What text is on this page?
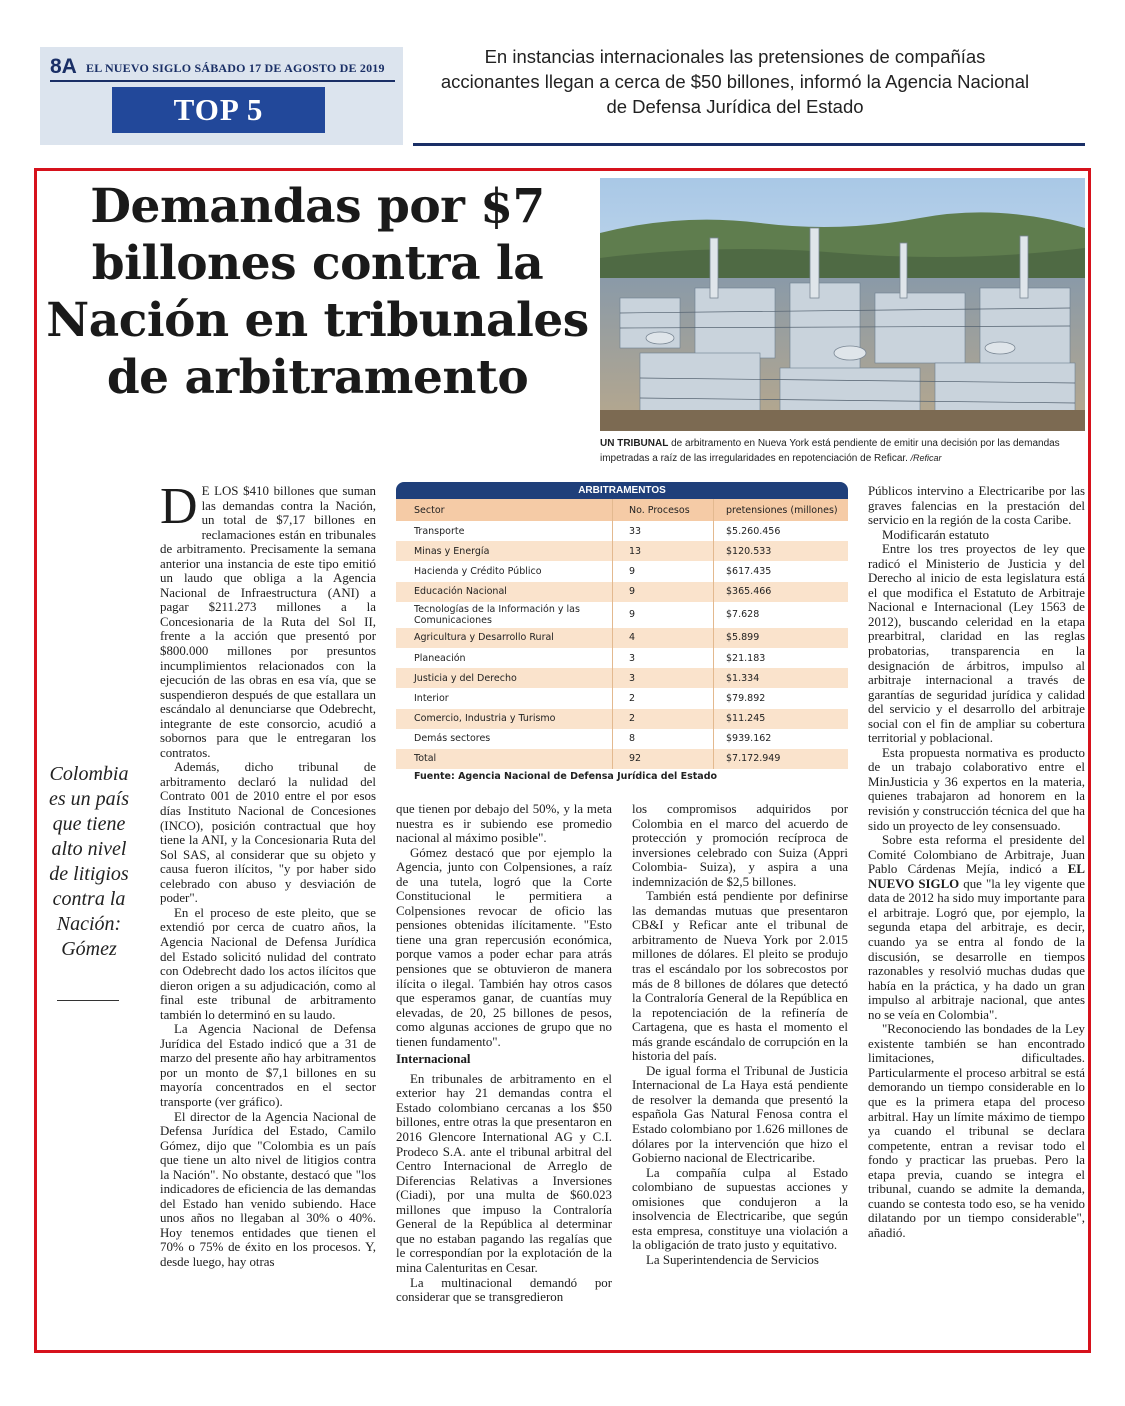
8A EL NUEVO SIGLO SÁBADO 17 DE AGOSTO DE 2019
TOP 5
En instancias internacionales las pretensiones de compañías accionantes llegan a cerca de $50 billones, informó la Agencia Nacional de Defensa Jurídica del Estado
Demandas por $7 billones contra la Nación en tribunales de arbitramento
UN TRIBUNAL de arbitramento en Nueva York está pendiente de emitir una decisión por las demandas impetradas a raíz de las irregularidades en repotenciación de Reficar. /Reficar
Colombia es un país que tiene alto nivel de litigios contra la Nación: Gómez

D E LOS $410 billones que suman las demandas contra la Nación, un total de $7,17 billones en reclamaciones están en tribunales de arbitramento. Precisamente la semana anterior una instancia de este tipo emitió un laudo que obliga a la Agencia Nacional de Infraestructura (ANI) a pagar $211.273 millones a la Concesionaria de la Ruta del Sol II, frente a la acción que presentó por $800.000 millones por presuntos incumplimientos relacionados con la ejecución de las obras en esa vía, que se suspendieron después de que estallara un escándalo al denunciarse que Odebrecht, integrante de este consorcio, acudió a sobornos para que le entregaran los contratos.

Además, dicho tribunal de arbitramento declaró la nulidad del Contrato 001 de 2010 entre el por esos días Instituto Nacional de Concesiones (INCO), posición contractual que hoy tiene la ANI, y la Concesionaria Ruta del Sol SAS, al considerar que su objeto y causa fueron ilícitos, "y por haber sido celebrado con abuso y desviación de poder".

En el proceso de este pleito, que se extendió por cerca de cuatro años, la Agencia Nacional de Defensa Jurídica del Estado solicitó nulidad del contrato con Odebrecht dado los actos ilícitos que dieron origen a su adjudicación, como al final este tribunal de arbitramento también lo determinó en su laudo.

La Agencia Nacional de Defensa Jurídica del Estado indicó que a 31 de marzo del presente año hay arbitramentos por un monto de $7,1 billones en su mayoría concentrados en el sector transporte (ver gráfico).

El director de la Agencia Nacional de Defensa Jurídica del Estado, Camilo Gómez, dijo que "Colombia es un país que tiene un alto nivel de litigios contra la Nación". No obstante, destacó que "los indicadores de eficiencia de las demandas del Estado han venido subiendo. Hace unos años no llegaban al 30% o 40%. Hoy tenemos entidades que tienen el 70% o 75% de éxito en los procesos. Y, desde luego, hay otras

ARBITRAMENTOS
Sector	No. Procesos	pretensiones (millones)
Transporte	33	$5.260.456
Minas y Energía	13	$120.533
Hacienda y Crédito Público	9	$617.435
Educación Nacional	9	$365.466
Tecnologías de la Información y las Comunicaciones	9	$7.628
Agricultura y Desarrollo Rural	4	$5.899
Planeación	3	$21.183
Justicia y del Derecho	3	$1.334
Interior	2	$79.892
Comercio, Industria y Turismo	2	$11.245
Demás sectores	8	$939.162
Total	92	$7.172.949
Fuente: Agencia Nacional de Defensa Jurídica del Estado

que tienen por debajo del 50%, y la meta nuestra es ir subiendo ese promedio nacional al máximo posible".

Gómez destacó que por ejemplo la Agencia, junto con Colpensiones, a raíz de una tutela, logró que la Corte Constitucional le permitiera a Colpensiones revocar de oficio las pensiones obtenidas ilícitamente. "Esto tiene una gran repercusión económica, porque vamos a poder echar para atrás pensiones que se obtuvieron de manera ilícita o ilegal. También hay otros casos que esperamos ganar, de cuantías muy elevadas, de 20, 25 billones de pesos, como algunas acciones de grupo que no tienen fundamento".

Internacional

En tribunales de arbitramento en el exterior hay 21 demandas contra el Estado colombiano cercanas a los $50 billones, entre otras la que presentaron en 2016 Glencore International AG y C.I. Prodeco S.A. ante el tribunal arbitral del Centro Internacional de Arreglo de Diferencias Relativas a Inversiones (Ciadi), por una multa de $60.023 millones que impuso la Contraloría General de la República al determinar que no estaban pagando las regalías que le correspondían por la explotación de la mina Calenturitas en Cesar.

La multinacional demandó por considerar que se transgredieron

los compromisos adquiridos por Colombia en el marco del acuerdo de protección y promoción recíproca de inversiones celebrado con Suiza (Appri Colombia- Suiza), y aspira a una indemnización de $2,5 billones.

También está pendiente por definirse las demandas mutuas que presentaron CB&I y Reficar ante el tribunal de arbitramento de Nueva York por 2.015 millones de dólares. El pleito se produjo tras el escándalo por los sobrecostos por más de 8 billones de dólares que detectó la Contraloría General de la República en la repotenciación de la refinería de Cartagena, que es hasta el momento el más grande escándalo de corrupción en la historia del país.

De igual forma el Tribunal de Justicia Internacional de La Haya está pendiente de resolver la demanda que presentó la española Gas Natural Fenosa contra el Estado colombiano por 1.626 millones de dólares por la intervención que hizo el Gobierno nacional de Electricaribe.

La compañía culpa al Estado colombiano de supuestas acciones y omisiones que condujeron a la insolvencia de Electricaribe, que según esta empresa, constituye una violación a la obligación de trato justo y equitativo.

La Superintendencia de Servicios

Públicos intervino a Electricaribe por las graves falencias en la prestación del servicio en la región de la costa Caribe.

Modificarán estatuto

Entre los tres proyectos de ley que radicó el Ministerio de Justicia y del Derecho al inicio de esta legislatura está el que modifica el Estatuto de Arbitraje Nacional e Internacional (Ley 1563 de 2012), buscando celeridad en la etapa prearbitral, claridad en las reglas probatorias, transparencia en la designación de árbitros, impulso al arbitraje internacional a través de garantías de seguridad jurídica y calidad del servicio y el desarrollo del arbitraje social con el fin de ampliar su cobertura territorial y poblacional.

Esta propuesta normativa es producto de un trabajo colaborativo entre el MinJusticia y 36 expertos en la materia, quienes trabajaron ad honorem en la revisión y construcción técnica del que ha sido un proyecto de ley consensuado.

Sobre esta reforma el presidente del Comité Colombiano de Arbitraje, Juan Pablo Cárdenas Mejía, indicó a EL NUEVO SIGLO que "la ley vigente que data de 2012 ha sido muy importante para el arbitraje. Logró que, por ejemplo, la segunda etapa del arbitraje, es decir, cuando ya se entra al fondo de la discusión, se desarrolle en tiempos razonables y resolvió muchas dudas que había en la práctica, y ha dado un gran impulso al arbitraje nacional, que antes no se veía en Colombia".

"Reconociendo las bondades de la Ley existente también se han encontrado limitaciones, dificultades. Particularmente el proceso arbitral se está demorando un tiempo considerable en lo que es la primera etapa del proceso arbitral. Hay un límite máximo de tiempo ya cuando el tribunal se declara competente, entran a revisar todo el fondo y practicar las pruebas. Pero la etapa previa, cuando se integra el tribunal, cuando se admite la demanda, cuando se contesta todo eso, se ha venido dilatando por un tiempo considerable", añadió.
